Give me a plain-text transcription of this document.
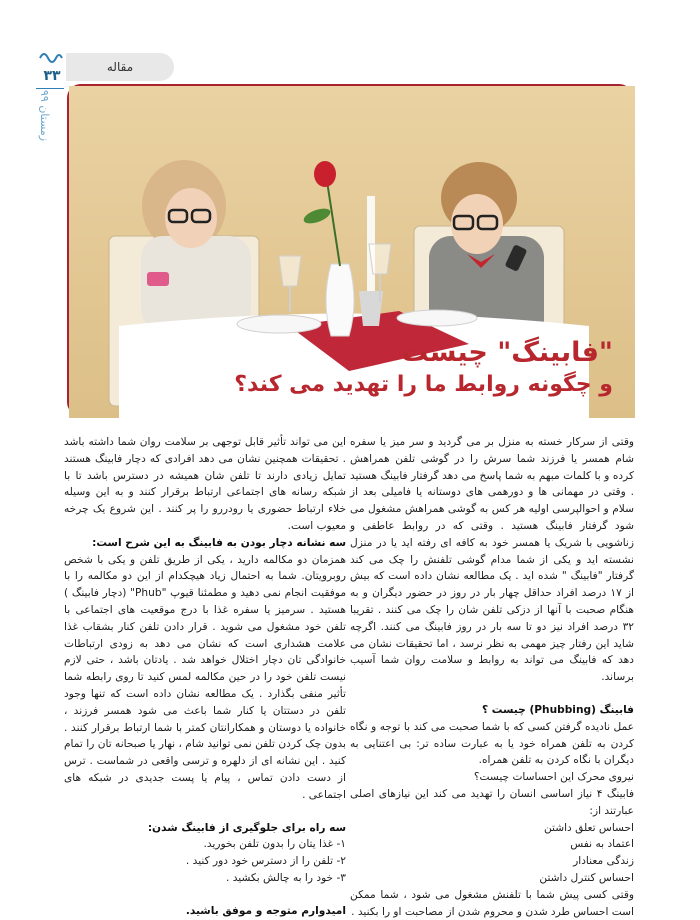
۳۳
زمستان ۹۹
مقاله
"فابینگ" چیست
و چگونه روابط ما را تهدید می کند؟

وقتی از سرکار خسته به منزل بر می گردید و سر میز یا سفره شام همسر یا فرزند شما سرش را در گوشی تلفن همراهش کرده و با کلمات مبهم به شما پاسخ می دهد گرفتار فابینگ هستید . وقتی در مهمانی ها و دورهمی های دوستانه یا فامیلی بعد از سلام و احوالپرسی اولیه هر کس به گوشی همراهش مشغول می شود گرفتار فابینگ هستید . وقتی که در روابط عاطفی و زناشویی با شریک یا همسر خود به کافه ای رفته اید یا در منزل نشسته اید و یکی از شما مدام گوشی تلفنش را چک می کند گرفتار "فابینگ " شده اید . یک مطالعه نشان داده است که بیش از ۱۷ درصد افراد حداقل چهار بار در روز در حضور دیگران و به هنگام صحبت با آنها از دزکی تلفن شان را چک می کنند . تقریبا ۳۲ درصد افراد نیز دو تا سه بار در روز فابینگ می کنند. اگرچه شاید این رفتار چیز مهمی به نظر نرسد ، اما تحقیقات نشان می دهد که فابینگ می تواند به روابط و سلامت روان شما آسیب برساند.

فابینگ (Phubbing) چیست ؟

عمل نادیده گرفتن کسی که با شما صحبت می کند با توجه و نگاه کردن به تلفن همراه خود یا به عبارت ساده تر: بی اعتنایی به دیگران با نگاه کردن به تلفن همراه.

نیروی محرک این احساسات چیست؟

فابینگ ۴ نیاز اساسی انسان را تهدید می کند این نیازهای اصلی عبارتند از:

احساس تعلق داشتن

اعتماد به نفس

زندگی معنادار

احساس کنترل داشتن

وقتی کسی پیش شما با تلفنش مشغول می شود ، شما ممکن است احساس طرد شدن و محروم شدن از مصاحبت او را بکنید .

این می تواند تأثیر قابل توجهی بر سلامت روان شما داشته باشد . تحقیقات همچنین نشان می دهد افرادی که دچار فابینگ هستند تمایل زیادی دارند تا تلفن شان همیشه در دسترس باشد تا با شبکه رسانه های اجتماعی ارتباط برقرار کنند و به این وسیله خلاء ارتباط حضوری یا رودررو را پر کنند . این شروع یک چرخه معیوب است.

سه نشانه دچار بودن به فابینگ به این شرح است:

همزمان دو مکالمه دارید ، یکی از طریق تلفن و یکی با شخص روبرویتان. شما به احتمال زیاد هیچکدام از این دو مکالمه را با موفقیت انجام نمی دهید و مطمئنا قیوپ "Phub" (دچار فابینگ ) هستید . سرمیز یا سفره غذا با درج موقعیت های اجتماعی با تلفن خود مشغول می شوید . قرار دادن تلفن کنار بشقاب غذا علامت هشداری است که نشان می دهد به زودی ارتباطات خانوادگی تان دچار اختلال خواهد شد . یادتان باشد ، حتی لازم نیست تلفن خود را در حین مکالمه لمس کنید تا روی رابطه شما تأثیر منفی بگذارد . یک مطالعه نشان داده است که تنها وجود تلفن در دستتان یا کنار شما باعث می شود همسر فرزند ، خانواده یا دوستان و همکارانتان کمتر با شما ارتباط برقرار کنند . بدون چک کردن تلفن نمی توانید شام ، نهار یا صبحانه تان را تمام کنید . این نشانه ای از دلهره و ترسی واقعی در شماست . ترس از دست دادن تماس ، پیام یا پست جدیدی در شبکه های اجتماعی .

سه راه برای جلوگیری از فابینگ شدن:

۱- غذا یتان را بدون تلفن بخورید.

۲- تلفن را از دسترس خود دور کنید .

۳- خود را به چالش بکشید .

امیدوارم متوجه و موفق باشید.
